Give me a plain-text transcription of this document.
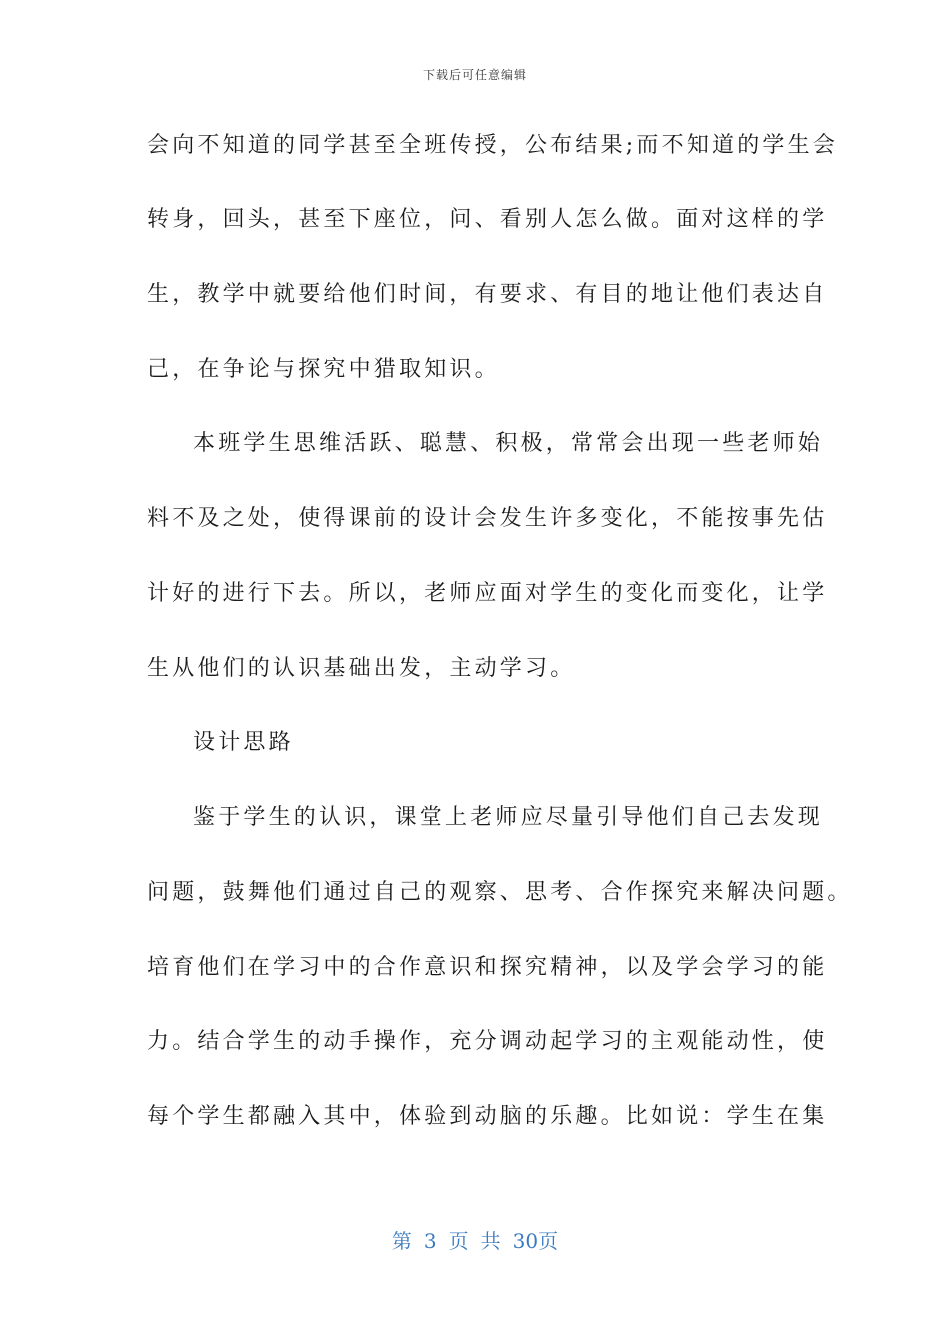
下载后可任意编辑
会向不知道的同学甚至全班传授，公布结果;而不知道的学生会
转身，回头，甚至下座位，问、看别人怎么做。面对这样的学
生，教学中就要给他们时间，有要求、有目的地让他们表达自
己，在争论与探究中猎取知识。
本班学生思维活跃、聪慧、积极，常常会出现一些老师始
料不及之处，使得课前的设计会发生许多变化，不能按事先估
计好的进行下去。所以，老师应面对学生的变化而变化，让学
生从他们的认识基础出发，主动学习。
设计思路
鉴于学生的认识，课堂上老师应尽量引导他们自己去发现
问题，鼓舞他们通过自己的观察、思考、合作探究来解决问题。
培育他们在学习中的合作意识和探究精神，以及学会学习的能
力。结合学生的动手操作，充分调动起学习的主观能动性，使
每个学生都融入其中，体验到动脑的乐趣。比如说：学生在集
第 3 页 共 30页
